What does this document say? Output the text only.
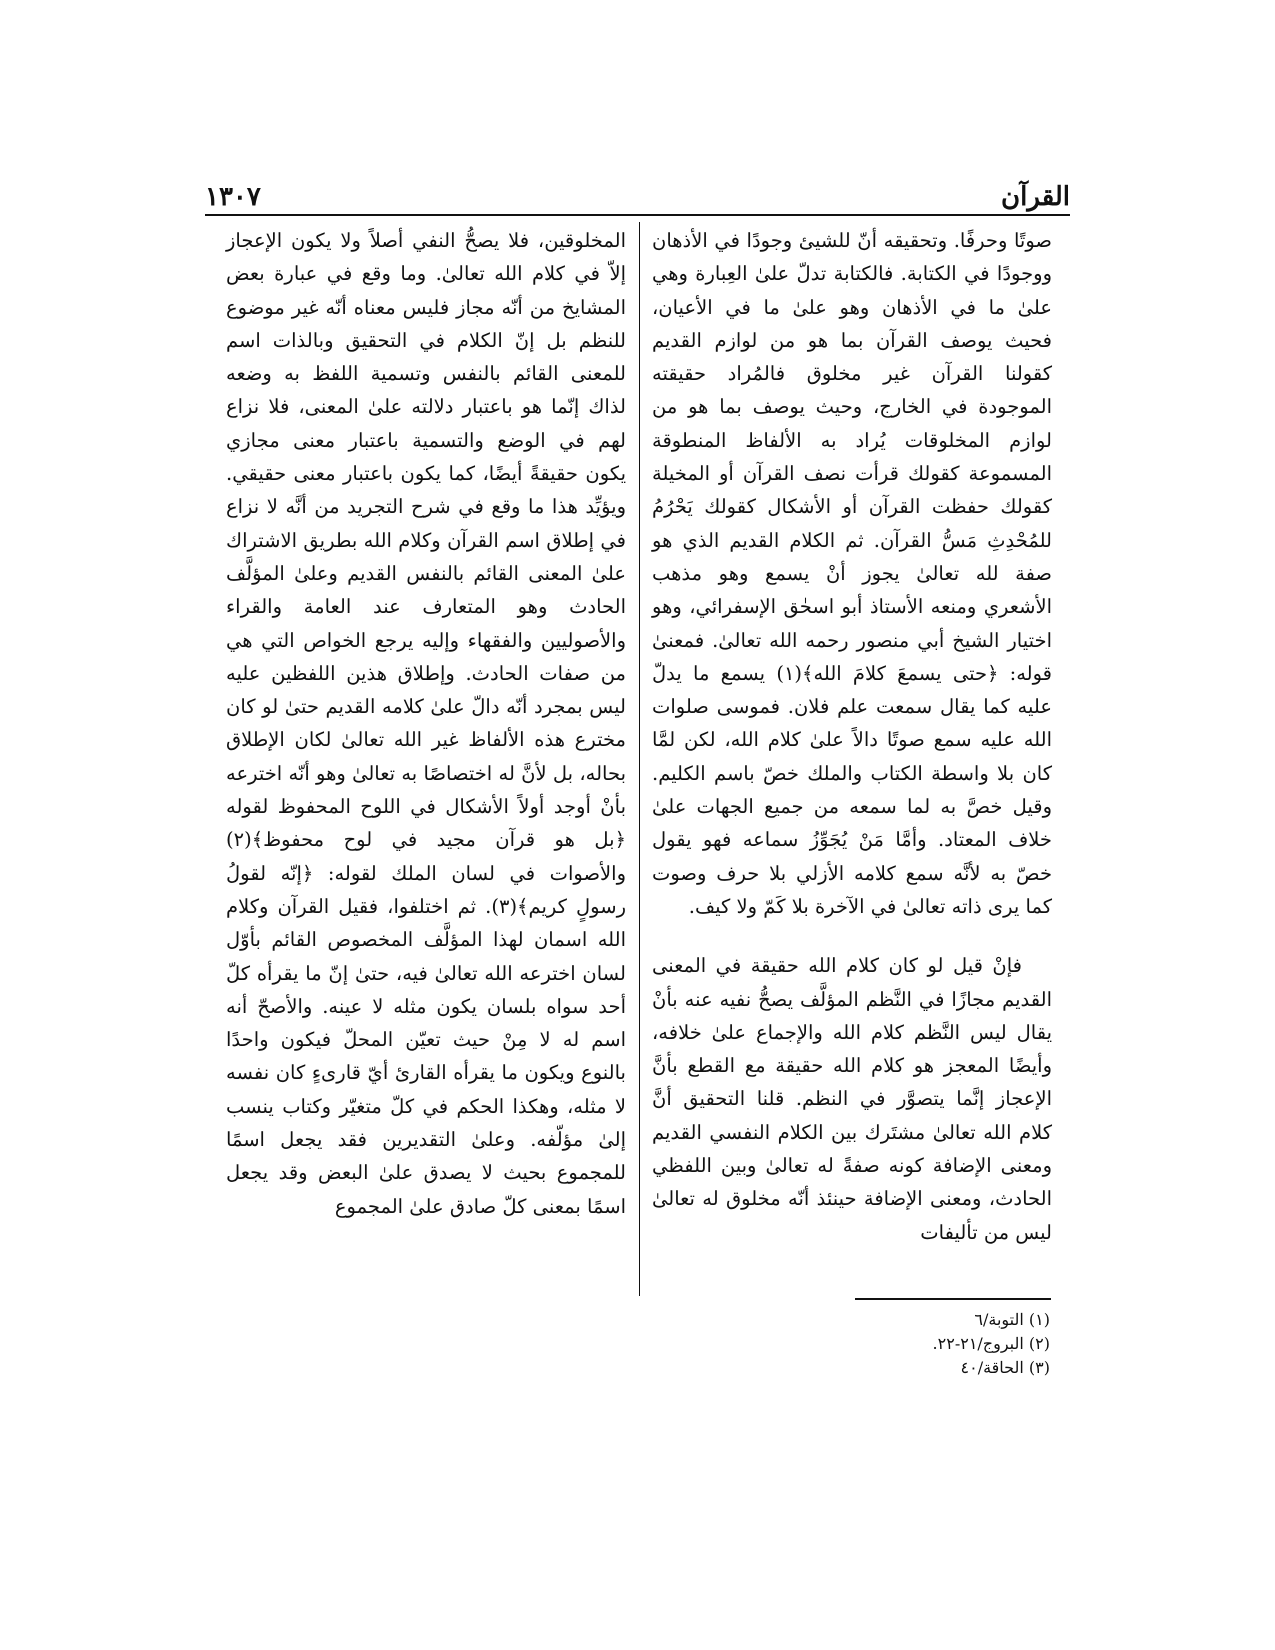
١٣٠٧	القرآن
صوتًا وحرفًا. وتحقيقه أنّ للشيئ وجودًا في الأذهان ووجودًا في الكتابة. فالكتابة تدلّ علىٰ العِبارة وهي علىٰ ما في الأذهان وهو علىٰ ما في الأعيان، فحيث يوصف القرآن بما هو من لوازم القديم كقولنا القرآن غير مخلوق فالمُراد حقيقته الموجودة في الخارج، وحيث يوصف بما هو من لوازم المخلوقات يُراد به الألفاظ المنطوقة المسموعة كقولك قرأت نصف القرآن أو المخيلة كقولك حفظت القرآن أو الأشكال كقولك يَحْرُمُ للمُحْدِثِ مَسُّ القرآن. ثم الكلام القديم الذي هو صفة لله تعالىٰ يجوز أنْ يسمع وهو مذهب الأشعري ومنعه الأستاذ أبو اسحٰق الإسفرائي، وهو اختيار الشيخ أبي منصور رحمه الله تعالىٰ. فمعنىٰ قوله: ﴿حتى يسمعَ كلامَ الله﴾(١) يسمع ما يدلّ عليه كما يقال سمعت علم فلان. فموسى صلوات الله عليه سمع صوتًا دالاً علىٰ كلام الله، لكن لمَّا كان بلا واسطة الكتاب والملك خصّ باسم الكليم. وقيل خصَّ به لما سمعه من جميع الجهات علىٰ خلاف المعتاد. وأمَّا مَنْ يُجَوِّزُ سماعه فهو يقول خصّ به لأنَّه سمع كلامه الأزلي بلا حرف وصوت كما يرى ذاته تعالىٰ في الآخرة بلا كَمّ ولا كيف.
فإنْ قيل لو كان كلام الله حقيقة في المعنى القديم مجازًا في النَّظم المؤلَّف يصحُّ نفيه عنه بأنْ يقال ليس النَّظم كلام الله والإجماع علىٰ خلافه، وأيضًا المعجز هو كلام الله حقيقة مع القطع بأنَّ الإعجاز إنَّما يتصوَّر في النظم. قلنا التحقيق أنَّ كلام الله تعالىٰ مشتَرك بين الكلام النفسي القديم ومعنى الإضافة كونه صفةً له تعالىٰ وبين اللفظي الحادث، ومعنى الإضافة حينئذ أنّه مخلوق له تعالىٰ ليس من تأليفات
المخلوقين، فلا يصحُّ النفي أصلاً ولا يكون الإعجاز إلاّ في كلام الله تعالىٰ. وما وقع في عبارة بعض المشايخ من أنّه مجاز فليس معناه أنّه غير موضوع للنظم بل إنّ الكلام في التحقيق وبالذات اسم للمعنى القائم بالنفس وتسمية اللفظ به وضعه لذاك إنّما هو باعتبار دلالته علىٰ المعنى، فلا نزاع لهم في الوضع والتسمية باعتبار معنى مجازي يكون حقيقةً أيضًا، كما يكون باعتبار معنى حقيقي. ويؤيِّد هذا ما وقع في شرح التجريد من أنَّه لا نزاع في إطلاق اسم القرآن وكلام الله بطريق الاشتراك علىٰ المعنى القائم بالنفس القديم وعلىٰ المؤلَّف الحادث وهو المتعارف عند العامة والقراء والأصوليين والفقهاء وإليه يرجع الخواص التي هي من صفات الحادث. وإطلاق هذين اللفظين عليه ليس بمجرد أنّه دالّ علىٰ كلامه القديم حتىٰ لو كان مخترع هذه الألفاظ غير الله تعالىٰ لكان الإطلاق بحاله، بل لأنَّ له اختصاصًا به تعالىٰ وهو أنّه اخترعه بأنْ أوجد أولاً الأشكال في اللوح المحفوظ لقوله ﴿بل هو قرآن مجيد في لوح محفوظ﴾(٢) والأصوات في لسان الملك لقوله: ﴿إنّه لقولُ رسولٍ كريم﴾(٣). ثم اختلفوا، فقيل القرآن وكلام الله اسمان لهذا المؤلَّف المخصوص القائم بأوّل لسان اخترعه الله تعالىٰ فيه، حتىٰ إنّ ما يقرأه كلّ أحد سواه بلسان يكون مثله لا عينه. والأصحّ أنه اسم له لا مِنْ حيث تعيّن المحلّ فيكون واحدًا بالنوع ويكون ما يقرأه القارئ أيّ قارىءٍ كان نفسه لا مثله، وهكذا الحكم في كلّ متغيّر وكتاب ينسب إلىٰ مؤلّفه. وعلىٰ التقديرين فقد يجعل اسمًا للمجموع بحيث لا يصدق علىٰ البعض وقد يجعل اسمًا بمعنى كلّ صادق علىٰ المجموع
(١) التوبة/٦
(٢) البروج/٢١-٢٢.
(٣) الحاقة/٤٠
